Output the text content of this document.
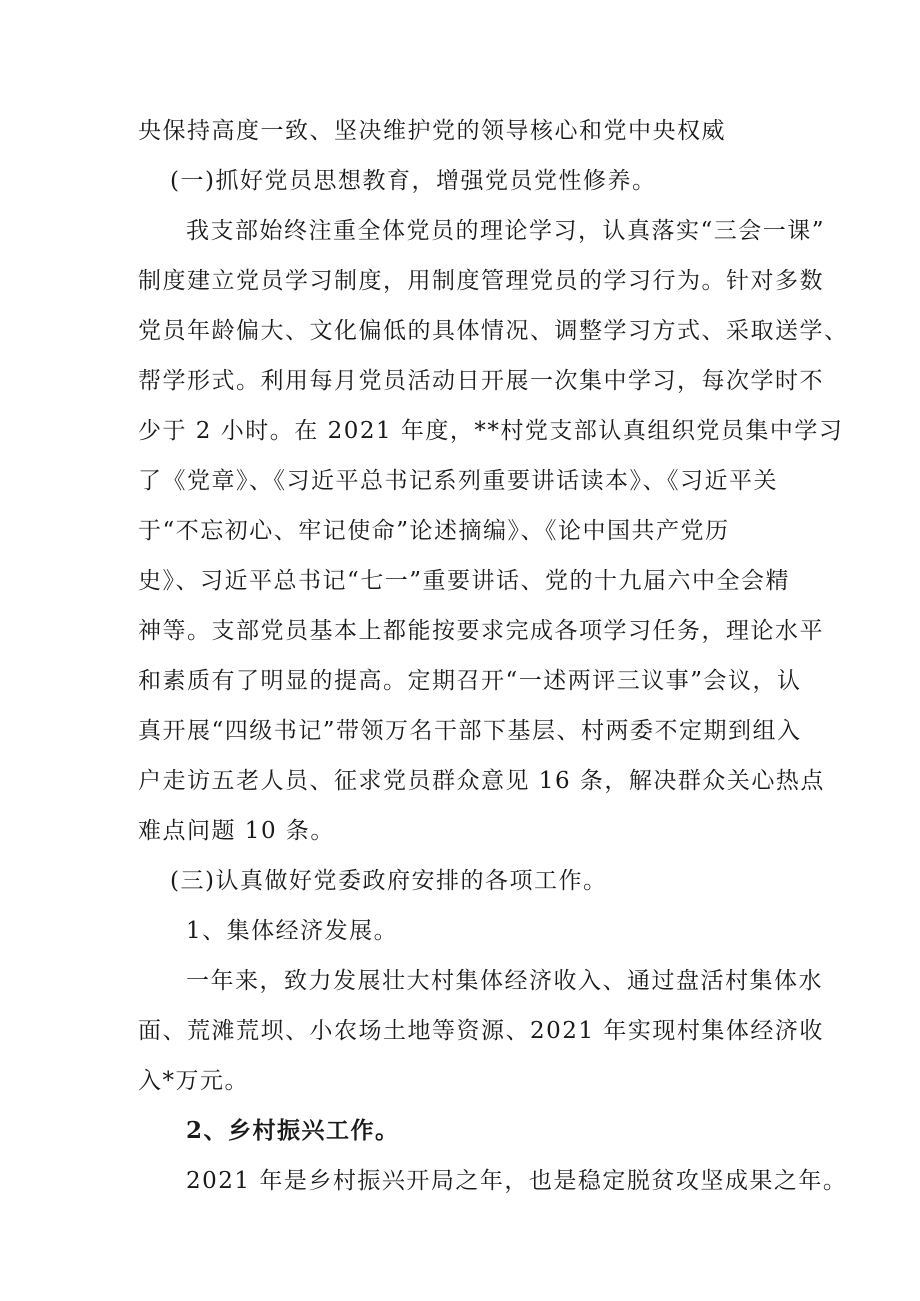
央保持高度一致、坚决维护党的领导核心和党中央权威

(一)抓好党员思想教育，增强党员党性修养。

我支部始终注重全体党员的理论学习，认真落实“三会一课”

制度建立党员学习制度，用制度管理党员的学习行为。针对多数

党员年龄偏大、文化偏低的具体情况、调整学习方式、采取送学、

帮学形式。利用每月党员活动日开展一次集中学习，每次学时不

少于 2 小时。在 2021 年度，**村党支部认真组织党员集中学习

了《党章》、《习近平总书记系列重要讲话读本》、《习近平关

于“不忘初心、牢记使命”论述摘编》、《论中国共产党历

史》、习近平总书记“七一”重要讲话、党的十九届六中全会精

神等。支部党员基本上都能按要求完成各项学习任务，理论水平

和素质有了明显的提高。定期召开“一述两评三议事”会议，认

真开展“四级书记”带领万名干部下基层、村两委不定期到组入

户走访五老人员、征求党员群众意见 16 条，解决群众关心热点

难点问题 10 条。

(三)认真做好党委政府安排的各项工作。

1、集体经济发展。

一年来，致力发展壮大村集体经济收入、通过盘活村集体水

面、荒滩荒坝、小农场土地等资源、2021 年实现村集体经济收

入*万元。

2、乡村振兴工作。

2021 年是乡村振兴开局之年，也是稳定脱贫攻坚成果之年。
